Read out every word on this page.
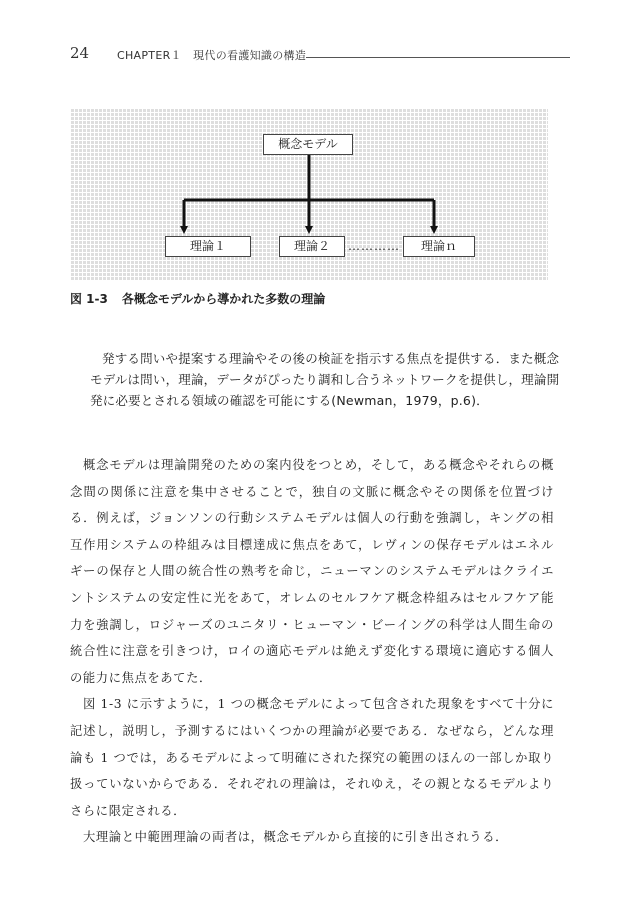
24	CHAPTER１　現代の看護知識の構造
概念モデル
理論１	理論２	…………	理論ｎ
図 1-3 各概念モデルから導かれた多数の理論
発する問いや提案する理論やその後の検証を指示する焦点を提供する．また概念モデルは問い，理論，データがぴったり調和し合うネットワークを提供し，理論開発に必要とされる領域の確認を可能にする(Newman，1979，p.6)．

概念モデルは理論開発のための案内役をつとめ，そして，ある概念やそれらの概念間の関係に注意を集中させることで，独自の文脈に概念やその関係を位置づける．例えば，ジョンソンの行動システムモデルは個人の行動を強調し，キングの相互作用システムの枠組みは目標達成に焦点をあて，レヴィンの保存モデルはエネルギーの保存と人間の統合性の熟考を命じ，ニューマンのシステムモデルはクライエントシステムの安定性に光をあて，オレムのセルフケア概念枠組みはセルフケア能力を強調し，ロジャーズのユニタリ・ヒューマン・ビーイングの科学は人間生命の統合性に注意を引きつけ，ロイの適応モデルは絶えず変化する環境に適応する個人の能力に焦点をあてた．

図 1-3 に示すように，1 つの概念モデルによって包含された現象をすべて十分に記述し，説明し，予測するにはいくつかの理論が必要である．なぜなら，どんな理論も 1 つでは，あるモデルによって明確にされた探究の範囲のほんの一部しか取り扱っていないからである．それぞれの理論は，それゆえ，その親となるモデルよりさらに限定される．

大理論と中範囲理論の両者は，概念モデルから直接的に引き出されうる．
